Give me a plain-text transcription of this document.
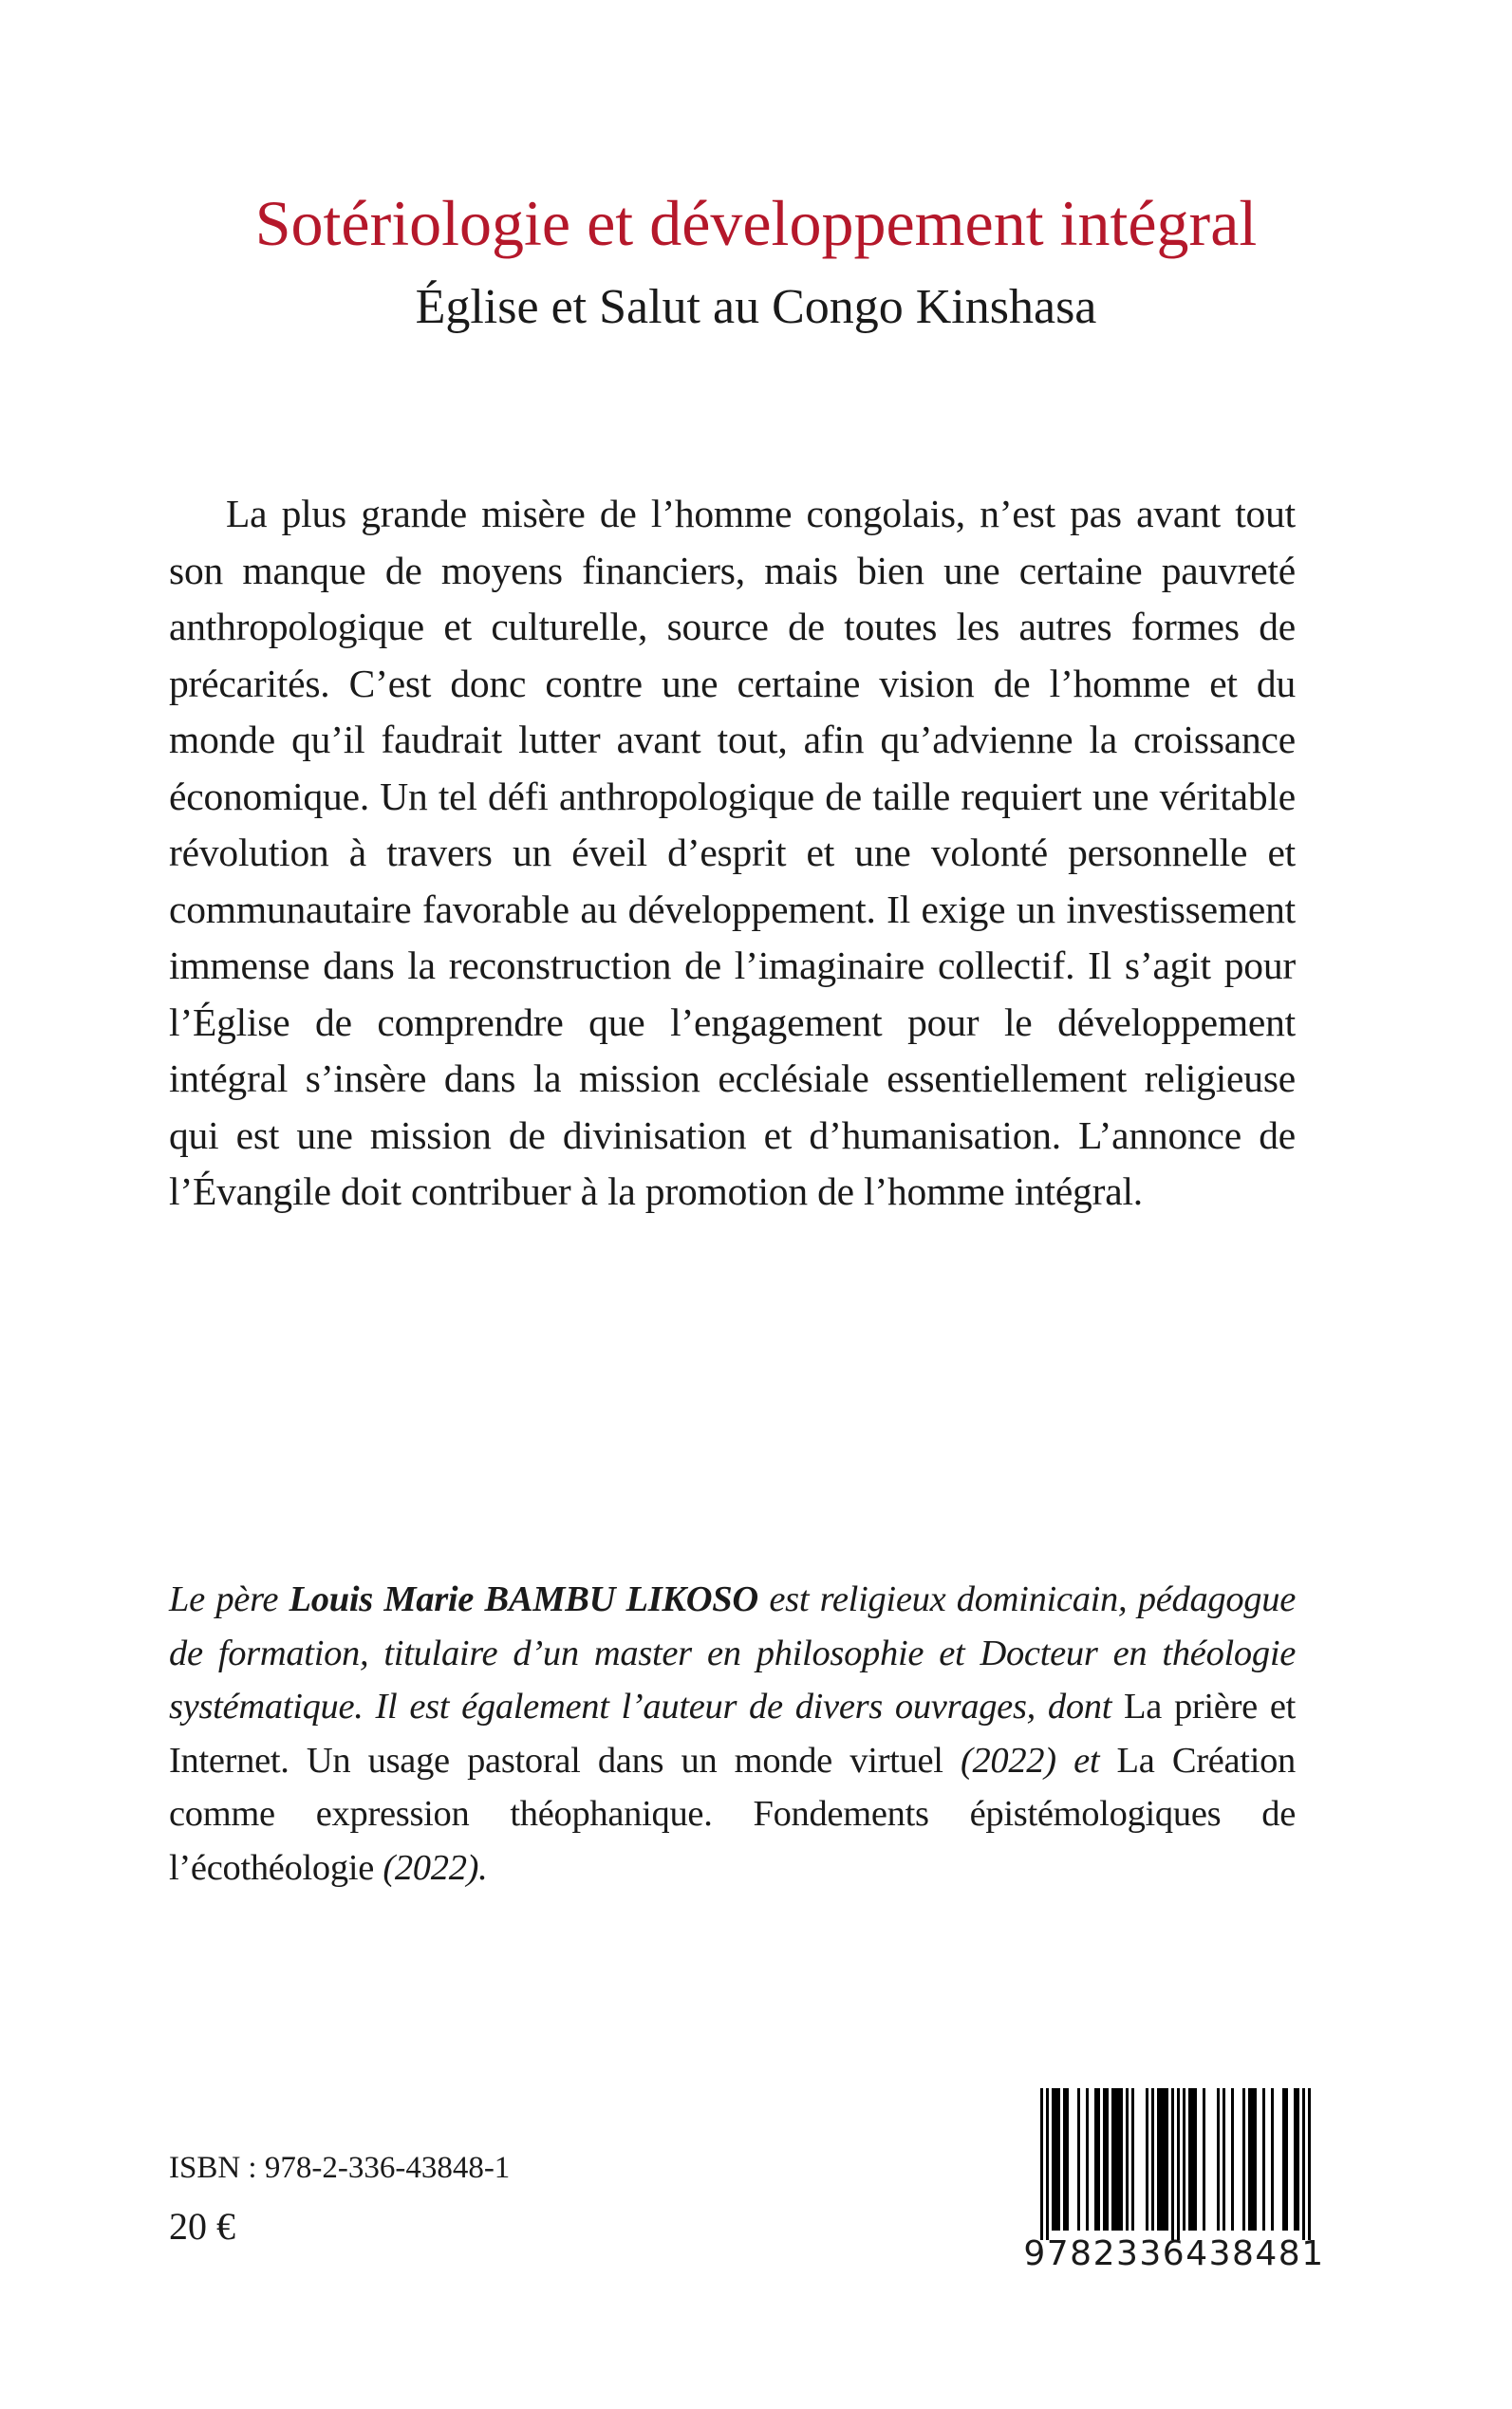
Sotériologie et développement intégral
Église et Salut au Congo Kinshasa

La plus grande misère de l’homme congolais, n’est pas avant tout son manque de moyens financiers, mais bien une certaine pauvreté anthropologique et culturelle, source de toutes les autres formes de précarités. C’est donc contre une certaine vision de l’homme et du monde qu’il faudrait lutter avant tout, afin qu’advienne la croissance économique. Un tel défi anthropologique de taille requiert une véritable révolution à travers un éveil d’esprit et une volonté personnelle et communautaire favorable au développement. Il exige un investissement immense dans la reconstruction de l’imaginaire collectif. Il s’agit pour l’Église de comprendre que l’engagement pour le développement intégral s’insère dans la mission ecclésiale essentiellement religieuse qui est une mission de divinisation et d’humanisation. L’annonce de l’Évangile doit contribuer à la promotion de l’homme intégral.

Le père Louis Marie BAMBU LIKOSO est religieux dominicain, pédagogue de formation, titulaire d’un master en philosophie et Docteur en théologie systématique. Il est également l’auteur de divers ouvrages, dont La prière et Internet. Un usage pastoral dans un monde virtuel (2022) et La Création comme expression théophanique. Fondements épistémologiques de l’écothéologie (2022).

ISBN : 978-2-336-43848-1
20 €
9782336438481
